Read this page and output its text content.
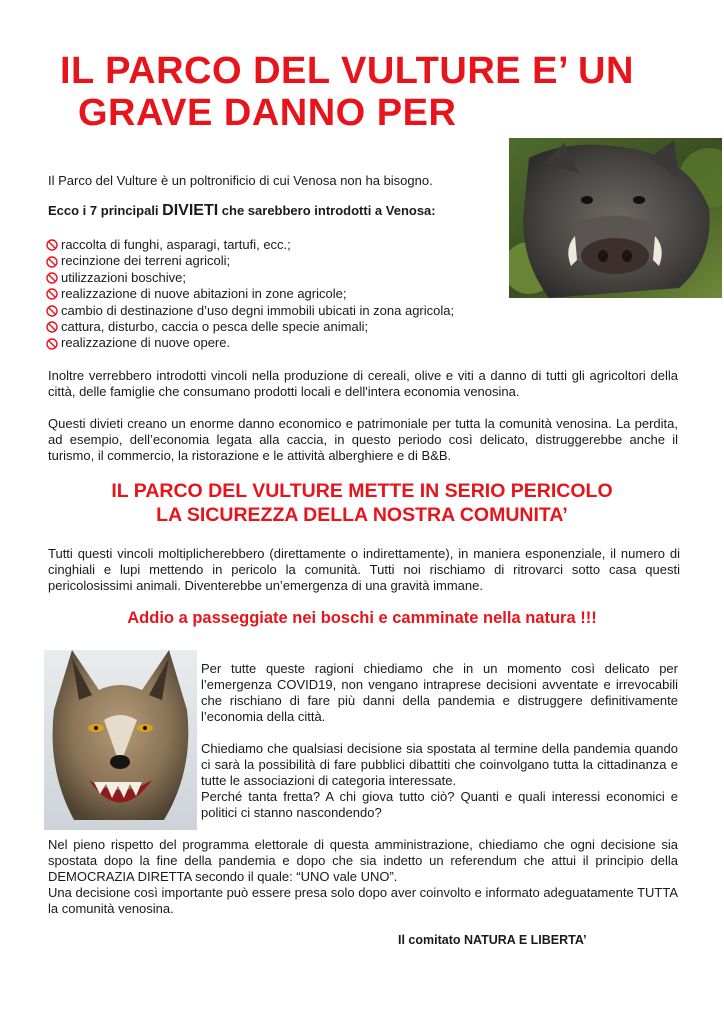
IL PARCO DEL VULTURE E’ UN
GRAVE DANNO PER
Il Parco del Vulture è un poltronificio di cui Venosa non ha bisogno.
Ecco i 7 principali DIVIETI che sarebbero introdotti a Venosa:
raccolta di funghi, asparagi, tartufi, ecc.;
recinzione dei terreni agricoli;
utilizzazioni boschive;
realizzazione di nuove abitazioni in zone agricole;
cambio di destinazione d’uso degni immobili ubicati in zona agricola;
cattura, disturbo, caccia o pesca delle specie animali;
realizzazione di nuove opere.
Inoltre verrebbero introdotti vincoli nella produzione di cereali, olive e viti a danno di tutti gli agricoltori della città, delle famiglie che consumano prodotti locali e dell'intera economia venosina.
Questi divieti creano un enorme danno economico e patrimoniale per tutta la comunità venosina. La perdita, ad esempio, dell’economia legata alla caccia, in questo periodo così delicato, distruggerebbe anche il turismo, il commercio, la ristorazione e le attività alberghiere e di B&B.
IL PARCO DEL VULTURE METTE IN SERIO PERICOLO
LA SICUREZZA DELLA NOSTRA COMUNITA’
Tutti questi vincoli moltiplicherebbero (direttamente o indirettamente), in maniera esponenziale, il numero di cinghiali e lupi mettendo in pericolo la comunità. Tutti noi rischiamo di ritrovarci sotto casa questi pericolosissimi animali. Diventerebbe un’emergenza di una gravità immane.
Addio a passeggiate nei boschi e camminate nella natura !!!
Per tutte queste ragioni chiediamo che in un momento così delicato per l’emergenza COVID19, non vengano intraprese decisioni avventate e irrevocabili che rischiano di fare più danni della pandemia e distruggere definitivamente l’economia della città.
Chiediamo che qualsiasi decisione sia spostata al termine della pandemia quando ci sarà la possibilità di fare pubblici dibattiti che coinvolgano tutta la cittadinanza e tutte le associazioni di categoria interessate.
Perché tanta fretta? A chi giova tutto ciò? Quanti e quali interessi economici e politici ci stanno nascondendo?
Nel pieno rispetto del programma elettorale di questa amministrazione, chiediamo che ogni decisione sia spostata dopo la fine della pandemia e dopo che sia indetto un referendum che attui il principio della DEMOCRAZIA DIRETTA secondo il quale: “UNO vale UNO”.
Una decisione così importante può essere presa solo dopo aver coinvolto e informato adeguatamente TUTTA la comunità venosina.
Il comitato NATURA E LIBERTA’
